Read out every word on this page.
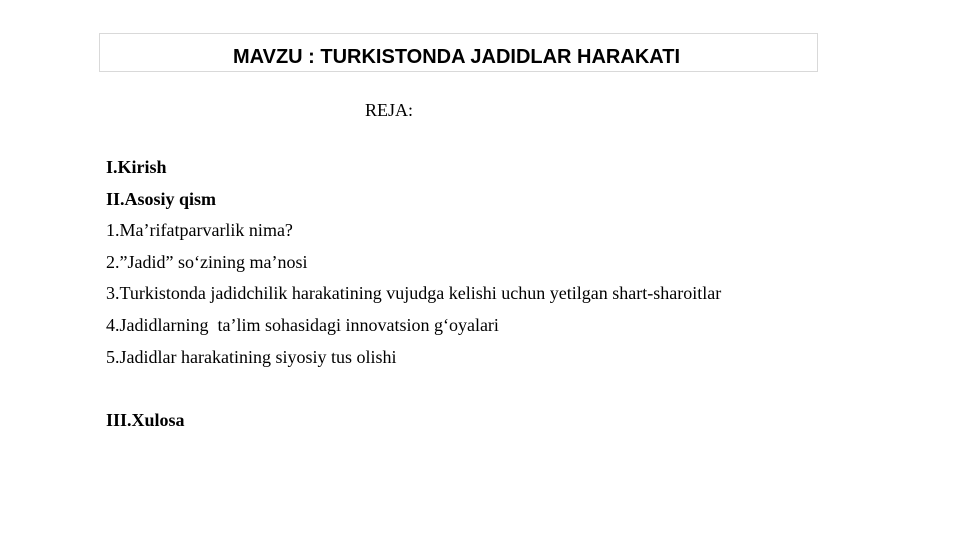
MAVZU : TURKISTONDA JADIDLAR HARAKATI
REJA:
I.Kirish
II.Asosiy qism
1.Ma’rifatparvarlik nima?
2.”Jadid” so‘zining ma’nosi
3.Turkistonda jadidchilik harakatining vujudga kelishi uchun yetilgan shart-sharoitlar
4.Jadidlarning  ta’lim sohasidagi innovatsion g‘oyalari
5.Jadidlar harakatining siyosiy tus olishi
III.Xulosa
